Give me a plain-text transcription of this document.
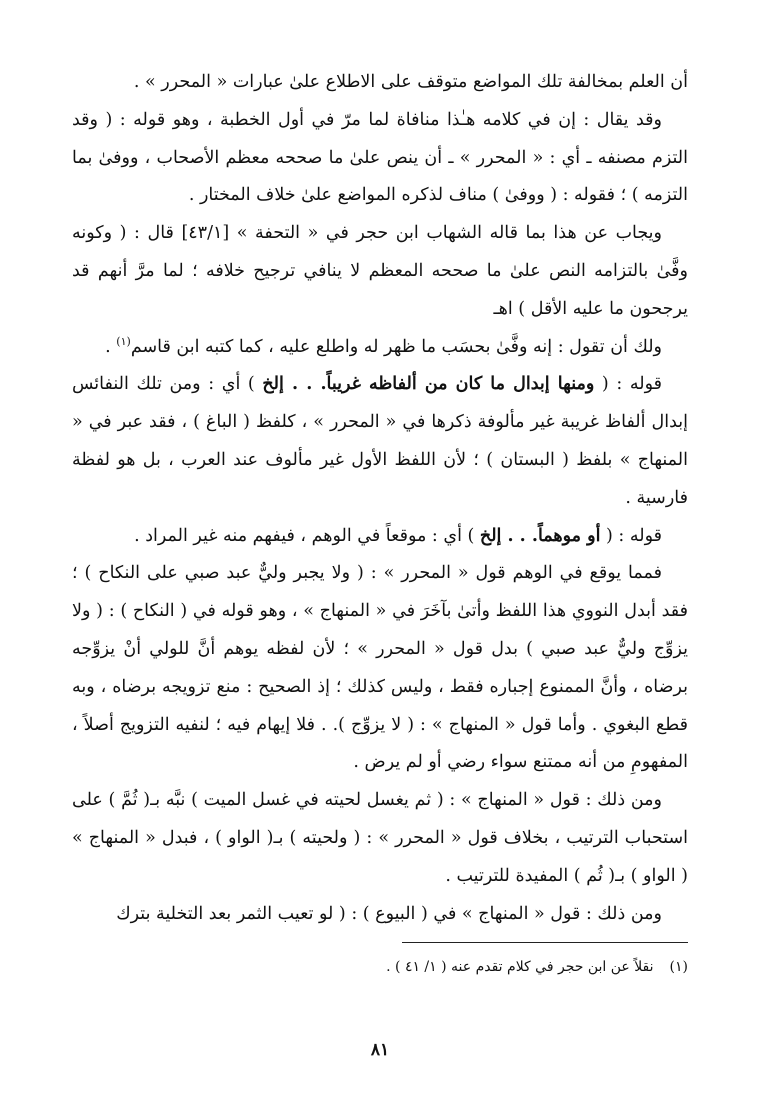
أن العلم بمخالفة تلك المواضع متوقف على الاطلاع علىٰ عبارات « المحرر » .

وقد يقال : إن في كلامه هـٰذا منافاة لما مرّ في أول الخطبة ، وهو قوله : ( وقد التزم مصنفه ـ أي : « المحرر » ـ أن ينص علىٰ ما صححه معظم الأصحاب ، ووفىٰ بما التزمه ) ؛ فقوله : ( ووفىٰ ) مناف لذكره المواضع علىٰ خلاف المختار .

ويجاب عن هذا بما قاله الشهاب ابن حجر في « التحفة » [٤٣/١] قال : ( وكونه وفَّىٰ بالتزامه النص علىٰ ما صححه المعظم لا ينافي ترجيح خلافه ؛ لما مرَّ أنهم قد يرجحون ما عليه الأقل ) اهـ

ولك أن تقول : إنه وفَّىٰ بحسَب ما ظهر له واطلع عليه ، كما كتبه ابن قاسم$^{(١)}$ .

قوله : ( ومنها إبدال ما كان من ألفاظه غريباً. . . إلخ ) أي : ومن تلك النفائس إبدال ألفاظ غريبة غير مألوفة ذكرها في « المحرر » ، كلفظ ( الباغ ) ، فقد عبر في « المنهاج » بلفظ ( البستان ) ؛ لأن اللفظ الأول غير مألوف عند العرب ، بل هو لفظة فارسية .

قوله : ( أو موهماً. . . إلخ ) أي : موقعاً في الوهم ، فيفهم منه غير المراد .

فمما يوقع في الوهم قول « المحرر » : ( ولا يجبر وليٌّ عبد صبي على النكاح ) ؛ فقد أبدل النووي هذا اللفظ وأتىٰ بآخَرَ في « المنهاج » ، وهو قوله في ( النكاح ) : ( ولا يزوِّج وليٌّ عبد صبي ) بدل قول « المحرر » ؛ لأن لفظه يوهم أنَّ للولي أنْ يزوِّجه برضاه ، وأنَّ الممنوع إجباره فقط ، وليس كذلك ؛ إذ الصحيح : منع تزويجه برضاه ، وبه قطع البغوي . وأما قول « المنهاج » : ( لا يزوِّج ). . فلا إيهام فيه ؛ لنفيه التزويج أصلاً ، المفهومِ من أنه ممتنع سواء رضي أو لم يرض .

ومن ذلك : قول « المنهاج » : ( ثم يغسل لحيته في غسل الميت ) نبَّه بـ( ثُمَّ ) على استحباب الترتيب ، بخلاف قول « المحرر » : ( ولحيته ) بـ( الواو ) ، فبدل « المنهاج » ( الواو ) بـ( ثُم ) المفيدة للترتيب .

ومن ذلك : قول « المنهاج » في ( البيوع ) : ( لو تعيب الثمر بعد التخلية بترك

(١)نقلاً عن ابن حجر في كلام تقدم عنه ( ١/ ٤١ ) .
٨١
